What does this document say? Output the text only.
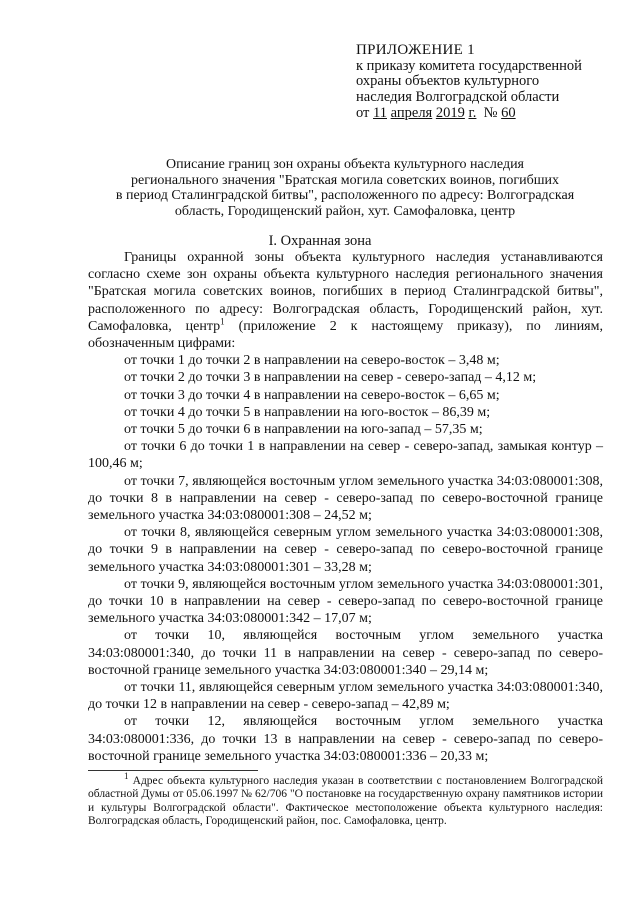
ПРИЛОЖЕНИЕ 1
к приказу комитета государственной
охраны объектов культурного
наследия Волгоградской области
от 11 апреля 2019 г. № 60
Описание границ зон охраны объекта культурного наследия
регионального значения "Братская могила советских воинов, погибших
в период Сталинградской битвы", расположенного по адресу: Волгоградская
область, Городищенский район, хут. Самофаловка, центр
I. Охранная зона

Границы охранной зоны объекта культурного наследия устанавливаются согласно схеме зон охраны объекта культурного наследия регионального значения "Братская могила советских воинов, погибших в период Сталинградской битвы", расположенного по адресу: Волгоградская область, Городищенский район, хут. Самофаловка, центр$^1$ (приложение 2 к настоящему приказу), по линиям, обозначенным цифрами:

от точки 1 до точки 2 в направлении на северо-восток – 3,48 м;

от точки 2 до точки 3 в направлении на север - северо-запад – 4,12 м;

от точки 3 до точки 4 в направлении на северо-восток – 6,65 м;

от точки 4 до точки 5 в направлении на юго-восток – 86,39 м;

от точки 5 до точки 6 в направлении на юго-запад – 57,35 м;

от точки 6 до точки 1 в направлении на север - северо-запад, замыкая контур – 100,46 м;

от точки 7, являющейся восточным углом земельного участка 34:03:080001:308, до точки 8 в направлении на север - северо-запад по северо-восточной границе земельного участка 34:03:080001:308 – 24,52 м;

от точки 8, являющейся северным углом земельного участка 34:03:080001:308, до точки 9 в направлении на север - северо-запад по северо-восточной границе земельного участка 34:03:080001:301 – 33,28 м;

от точки 9, являющейся восточным углом земельного участка 34:03:080001:301, до точки 10 в направлении на север - северо-запад по северо-восточной границе земельного участка 34:03:080001:342 – 17,07 м;

от точки 10, являющейся восточным углом земельного участка 34:03:080001:340, до точки 11 в направлении на север - северо-запад по северо-восточной границе земельного участка 34:03:080001:340 – 29,14 м;

от точки 11, являющейся северным углом земельного участка 34:03:080001:340, до точки 12 в направлении на север - северо-запад – 42,89 м;

от точки 12, являющейся восточным углом земельного участка 34:03:080001:336, до точки 13 в направлении на север - северо-запад по северо-восточной границе земельного участка 34:03:080001:336 – 20,33 м;

$^1$ Адрес объекта культурного наследия указан в соответствии с постановлением Волгоградской областной Думы от 05.06.1997 № 62/706 "О постановке на государственную охрану памятников истории и культуры Волгоградской области". Фактическое местоположение объекта культурного наследия: Волгоградская область, Городищенский район, пос. Самофаловка, центр.
